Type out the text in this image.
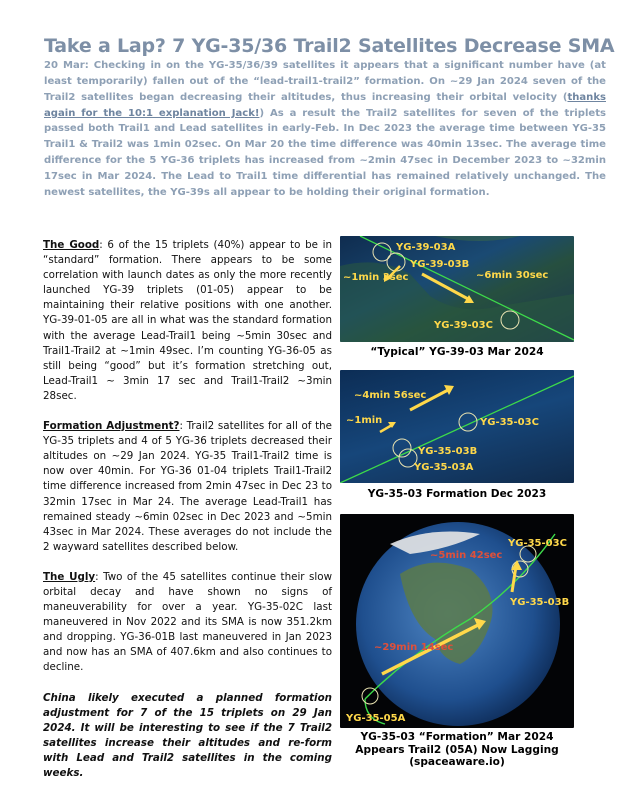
Take a Lap? 7 YG-35/36 Trail2 Satellites Decrease SMA

20 Mar: Checking in on the YG-35/36/39 satellites it appears that a significant number have (at least temporarily) fallen out of the “lead-trail1-trail2” formation. On ~29 Jan 2024 seven of the Trail2 satellites began decreasing their altitudes, thus increasing their orbital velocity (thanks again for the 10:1 explanation Jack!) As a result the Trail2 satellites for seven of the triplets passed both Trail1 and Lead satellites in early-Feb. In Dec 2023 the average time between YG-35 Trail1 & Trail2 was 1min 02sec. On Mar 20 the time difference was 40min 13sec. The average time difference for the 5 YG-36 triplets has increased from ~2min 47sec in December 2023 to ~32min 17sec in Mar 2024. The Lead to Trail1 time differential has remained relatively unchanged. The newest satellites, the YG-39s all appear to be holding their original formation.

The Good: 6 of the 15 triplets (40%) appear to be in “standard” formation. There appears to be some correlation with launch dates as only the more recently launched YG-39 triplets (01-05) appear to be maintaining their relative positions with one another. YG-39-01-05 are all in what was the standard formation with the average Lead-Trail1 being ~5min 30sec and Trail1-Trail2 at ~1min 49sec. I’m counting YG-36-05 as still being “good” but it’s formation stretching out, Lead-Trail1 ~ 3min 17 sec and Trail1-Trail2 ~3min 28sec.

Formation Adjustment?: Trail2 satellites for all of the YG-35 triplets and 4 of 5 YG-36 triplets decreased their altitudes on ~29 Jan 2024. YG-35 Trail1-Trail2 time is now over 40min. For YG-36 01-04 triplets Trail1-Trail2 time difference increased from 2min 47sec in Dec 23 to 32min 17sec in Mar 24. The average Lead-Trail1 has remained steady ~6min 02sec in Dec 2023 and ~5min 43sec in Mar 2024. These averages do not include the 2 wayward satellites described below.

The Ugly: Two of the 45 satellites continue their slow orbital decay and have shown no signs of maneuverability for over a year. YG-35-02C last maneuvered in Nov 2022 and its SMA is now 351.2km and dropping. YG-36-01B last maneuvered in Jan 2023 and now has an SMA of 407.6km and also continues to decline.

China likely executed a planned formation adjustment for 7 of the 15 triplets on 29 Jan 2024. It will be interesting to see if the 7 Trail2 satellites increase their altitudes and re-form with Lead and Trail2 satellites in the coming weeks.

YG-39-03A
YG-39-03B
~1min 3sec	~6min 30sec
YG-39-03C
“Typical” YG-39-03 Mar 2024
~4min 56sec
~1min	YG-35-03C
YG-35-03B
YG-35-03A
YG-35-03 Formation Dec 2023
~5min 42sec
YG-35-03C
YG-35-03B
~29min 14sec
YG-35-05A
YG-35-03 “Formation” Mar 2024
Appears Trail2 (05A) Now Lagging
(spaceaware.io)
